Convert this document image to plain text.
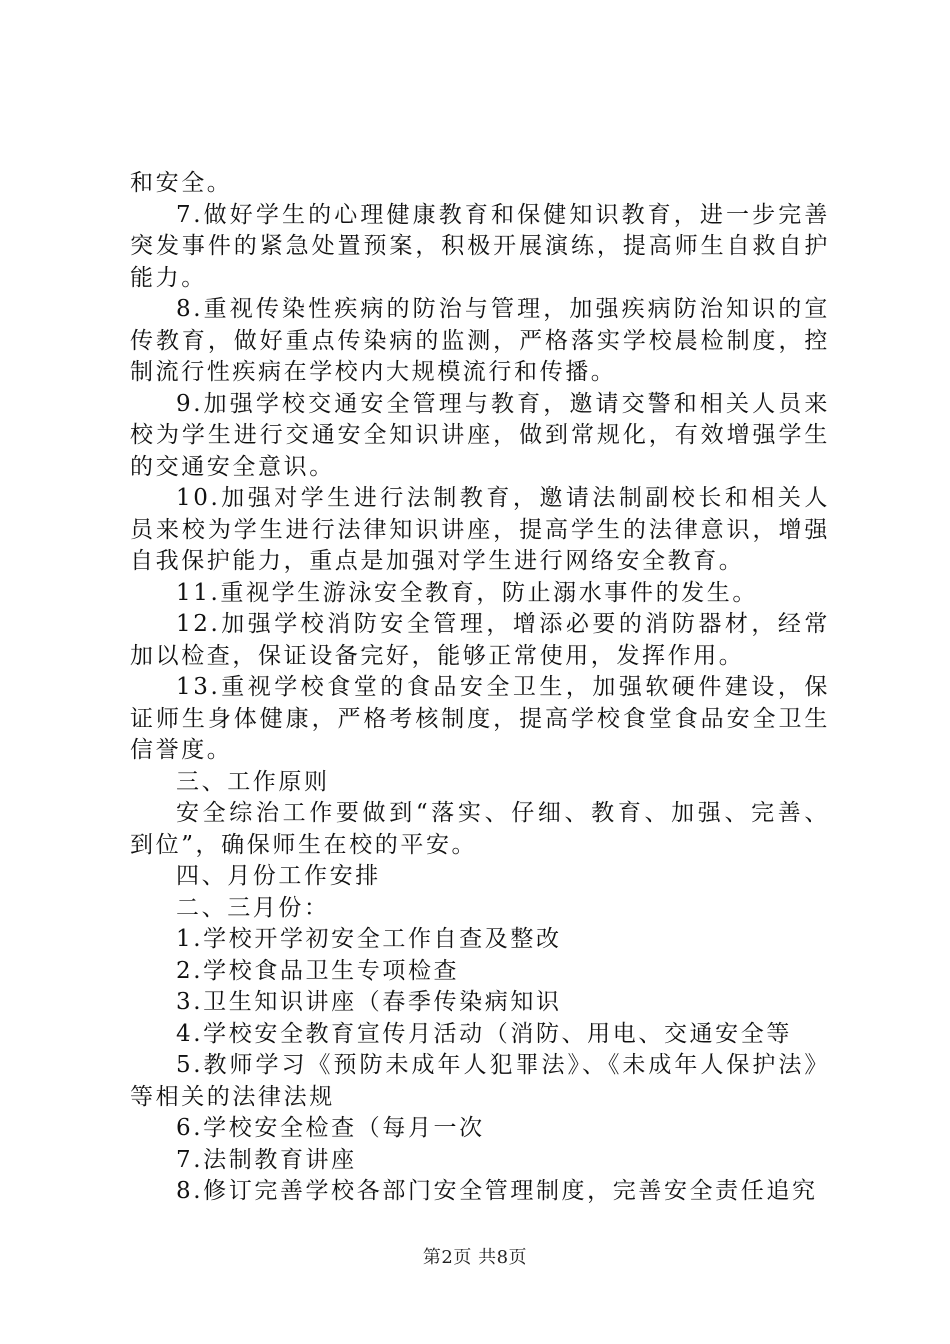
和安全。

7.做好学生的心理健康教育和保健知识教育，进一步完善突发事件的紧急处置预案，积极开展演练，提高师生自救自护能力。

8.重视传染性疾病的防治与管理，加强疾病防治知识的宣传教育，做好重点传染病的监测，严格落实学校晨检制度，控制流行性疾病在学校内大规模流行和传播。

9.加强学校交通安全管理与教育，邀请交警和相关人员来校为学生进行交通安全知识讲座，做到常规化，有效增强学生的交通安全意识。

10.加强对学生进行法制教育，邀请法制副校长和相关人员来校为学生进行法律知识讲座，提高学生的法律意识，增强自我保护能力，重点是加强对学生进行网络安全教育。

11.重视学生游泳安全教育，防止溺水事件的发生。

12.加强学校消防安全管理，增添必要的消防器材，经常加以检查，保证设备完好，能够正常使用，发挥作用。

13.重视学校食堂的食品安全卫生，加强软硬件建设，保证师生身体健康，严格考核制度，提高学校食堂食品安全卫生信誉度。

三、工作原则

安全综治工作要做到“落实、仔细、教育、加强、完善、到位”，确保师生在校的平安。

四、月份工作安排

二、三月份：

1.学校开学初安全工作自查及整改

2.学校食品卫生专项检查

3.卫生知识讲座（春季传染病知识

4.学校安全教育宣传月活动（消防、用电、交通安全等

5.教师学习《预防未成年人犯罪法》、《未成年人保护法》等相关的法律法规

6.学校安全检查（每月一次

7.法制教育讲座

8.修订完善学校各部门安全管理制度，完善安全责任追究

第2页 共8页
